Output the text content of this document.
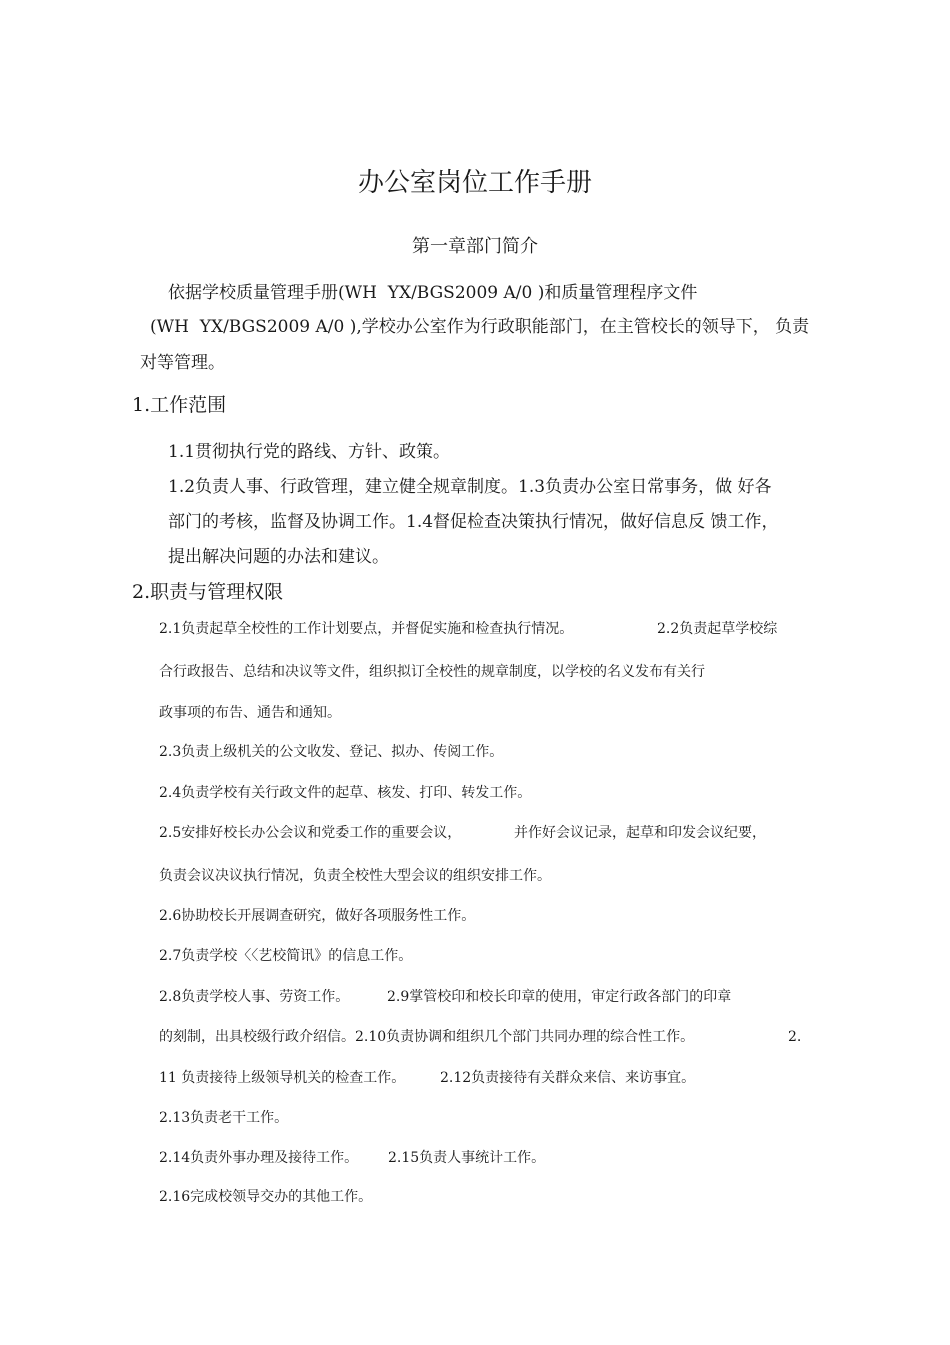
办公室岗位工作手册
第一章部门简介
依据学校质量管理手册(WH  YX/BGS2009 A/0 )和质量管理程序文件
(WH  YX/BGS2009 A/0 ),学校办公室作为行政职能部门，在主管校长的领导下， 负责
对等管理。
1.工作范围
1.1贯彻执行党的路线、方针、政策。
1.2负责人事、行政管理，建立健全规章制度。1.3负责办公室日常事务，做 好各
部门的考核，监督及协调工作。1.4督促检查决策执行情况，做好信息反 馈工作，
提出解决问题的办法和建议。
2.职责与管理权限
2.1负责起草全校性的工作计划要点，并督促实施和检查执行情况。	2.2负责起草学校综
合行政报告、总结和决议等文件，组织拟订全校性的规章制度，以学校的名义发布有关行
政事项的布告、通告和通知。
2.3负责上级机关的公文收发、登记、拟办、传阅工作。
2.4负责学校有关行政文件的起草、核发、打印、转发工作。
2.5安排好校长办公会议和党委工作的重要会议，	并作好会议记录，起草和印发会议纪要，
负责会议决议执行情况，负责全校性大型会议的组织安排工作。
2.6协助校长开展调查研究，做好各项服务性工作。
2.7负责学校〈〈艺校简讯》的信息工作。
2.8负责学校人事、劳资工作。	2.9掌管校印和校长印章的使用，审定行政各部门的印章
的刻制，出具校级行政介绍信。2.10负责协调和组织几个部门共同办理的综合性工作。	2.
11 负责接待上级领导机关的检查工作。 2.12负责接待有关群众来信、来访事宜。
2.13负责老干工作。
2.14负责外事办理及接待工作。 2.15负责人事统计工作。
2.16完成校领导交办的其他工作。
